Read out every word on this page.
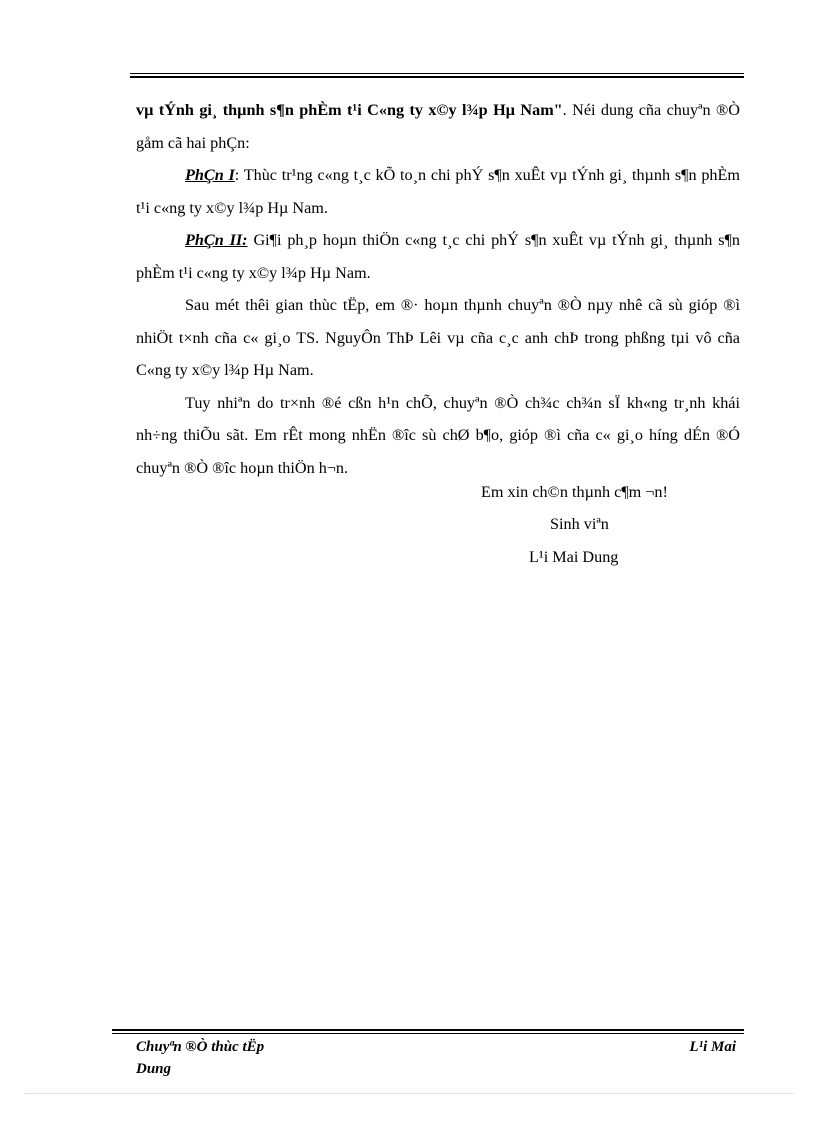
vµ tÝnh gi¸ thµnh s¶n phÈm t¹i C«ng ty x©y l¾p Hµ Nam". Néi dung cña chuyªn ®Ò gåm cã hai phÇn:

PhÇn I: Thùc tr¹ng c«ng t¸c kÕ to¸n chi phÝ s¶n xuÊt vµ tÝnh gi¸ thµnh s¶n phÈm t¹i c«ng ty x©y l¾p Hµ Nam.

PhÇn II: Gi¶i ph¸p hoµn thiÖn c«ng t¸c chi phÝ s¶n xuÊt vµ tÝnh gi¸ thµnh s¶n phÈm t¹i c«ng ty x©y l¾p Hµ Nam.

Sau mét thêi gian thùc tËp, em ®· hoµn thµnh chuyªn ®Ò nµy nhê cã sù gióp ®ì nhiÖt t×nh cña c« gi¸o TS. NguyÔn ThÞ Lêi vµ cña c¸c anh chÞ trong phßng tµi vô cña C«ng ty x©y l¾p Hµ Nam.

Tuy nhiªn do tr×nh ®é cßn h¹n chÕ, chuyªn ®Ò ch¾c ch¾n sÏ kh«ng tr¸nh khái nh÷ng thiÕu sãt. Em rÊt mong nhËn ®îc sù chØ b¶o, gióp ®ì cña c« gi¸o híng dÉn ®Ó chuyªn ®Ò ®îc hoµn thiÖn h¬n.

Em xin ch©n thµnh c¶m ¬n!
Sinh viªn
L¹i Mai Dung
Chuyªn ®Ò thùc tËp
Dung
L¹i Mai
